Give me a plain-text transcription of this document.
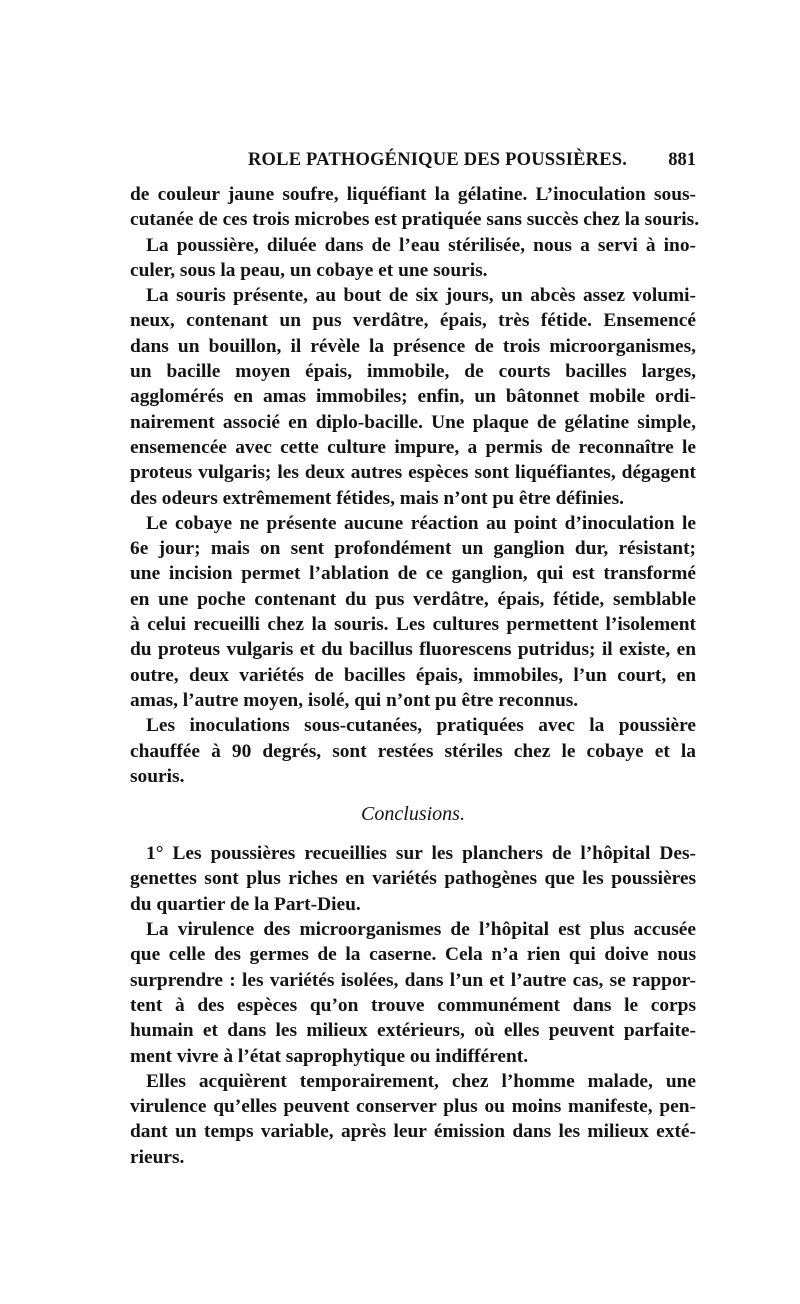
ROLE PATHOGÉNIQUE DES POUSSIÈRES. 881
de couleur jaune soufre, liquéfiant la gélatine. L’inoculation sous-
cutanée de ces trois microbes est pratiquée sans succès chez la souris.
La poussière, diluée dans de l’eau stérilisée, nous a servi à ino-
culer, sous la peau, un cobaye et une souris.
La souris présente, au bout de six jours, un abcès assez volumi-
neux, contenant un pus verdâtre, épais, très fétide. Ensemencé
dans un bouillon, il révèle la présence de trois microorganismes,
un bacille moyen épais, immobile, de courts bacilles larges,
agglomérés en amas immobiles; enfin, un bâtonnet mobile ordi-
nairement associé en diplo-bacille. Une plaque de gélatine simple,
ensemencée avec cette culture impure, a permis de reconnaître le
proteus vulgaris; les deux autres espèces sont liquéfiantes, dégagent
des odeurs extrêmement fétides, mais n’ont pu être définies.
Le cobaye ne présente aucune réaction au point d’inoculation le
6e jour; mais on sent profondément un ganglion dur, résistant;
une incision permet l’ablation de ce ganglion, qui est transformé
en une poche contenant du pus verdâtre, épais, fétide, semblable
à celui recueilli chez la souris. Les cultures permettent l’isolement
du proteus vulgaris et du bacillus fluorescens putridus; il existe, en
outre, deux variétés de bacilles épais, immobiles, l’un court, en
amas, l’autre moyen, isolé, qui n’ont pu être reconnus.
Les inoculations sous-cutanées, pratiquées avec la poussière
chauffée à 90 degrés, sont restées stériles chez le cobaye et la
souris.
Conclusions.
1° Les poussières recueillies sur les planchers de l’hôpital Des-
genettes sont plus riches en variétés pathogènes que les poussières
du quartier de la Part-Dieu.
La virulence des microorganismes de l’hôpital est plus accusée
que celle des germes de la caserne. Cela n’a rien qui doive nous
surprendre : les variétés isolées, dans l’un et l’autre cas, se rappor-
tent à des espèces qu’on trouve communément dans le corps
humain et dans les milieux extérieurs, où elles peuvent parfaite-
ment vivre à l’état saprophytique ou indifférent.
Elles acquièrent temporairement, chez l’homme malade, une
virulence qu’elles peuvent conserver plus ou moins manifeste, pen-
dant un temps variable, après leur émission dans les milieux exté-
rieurs.
